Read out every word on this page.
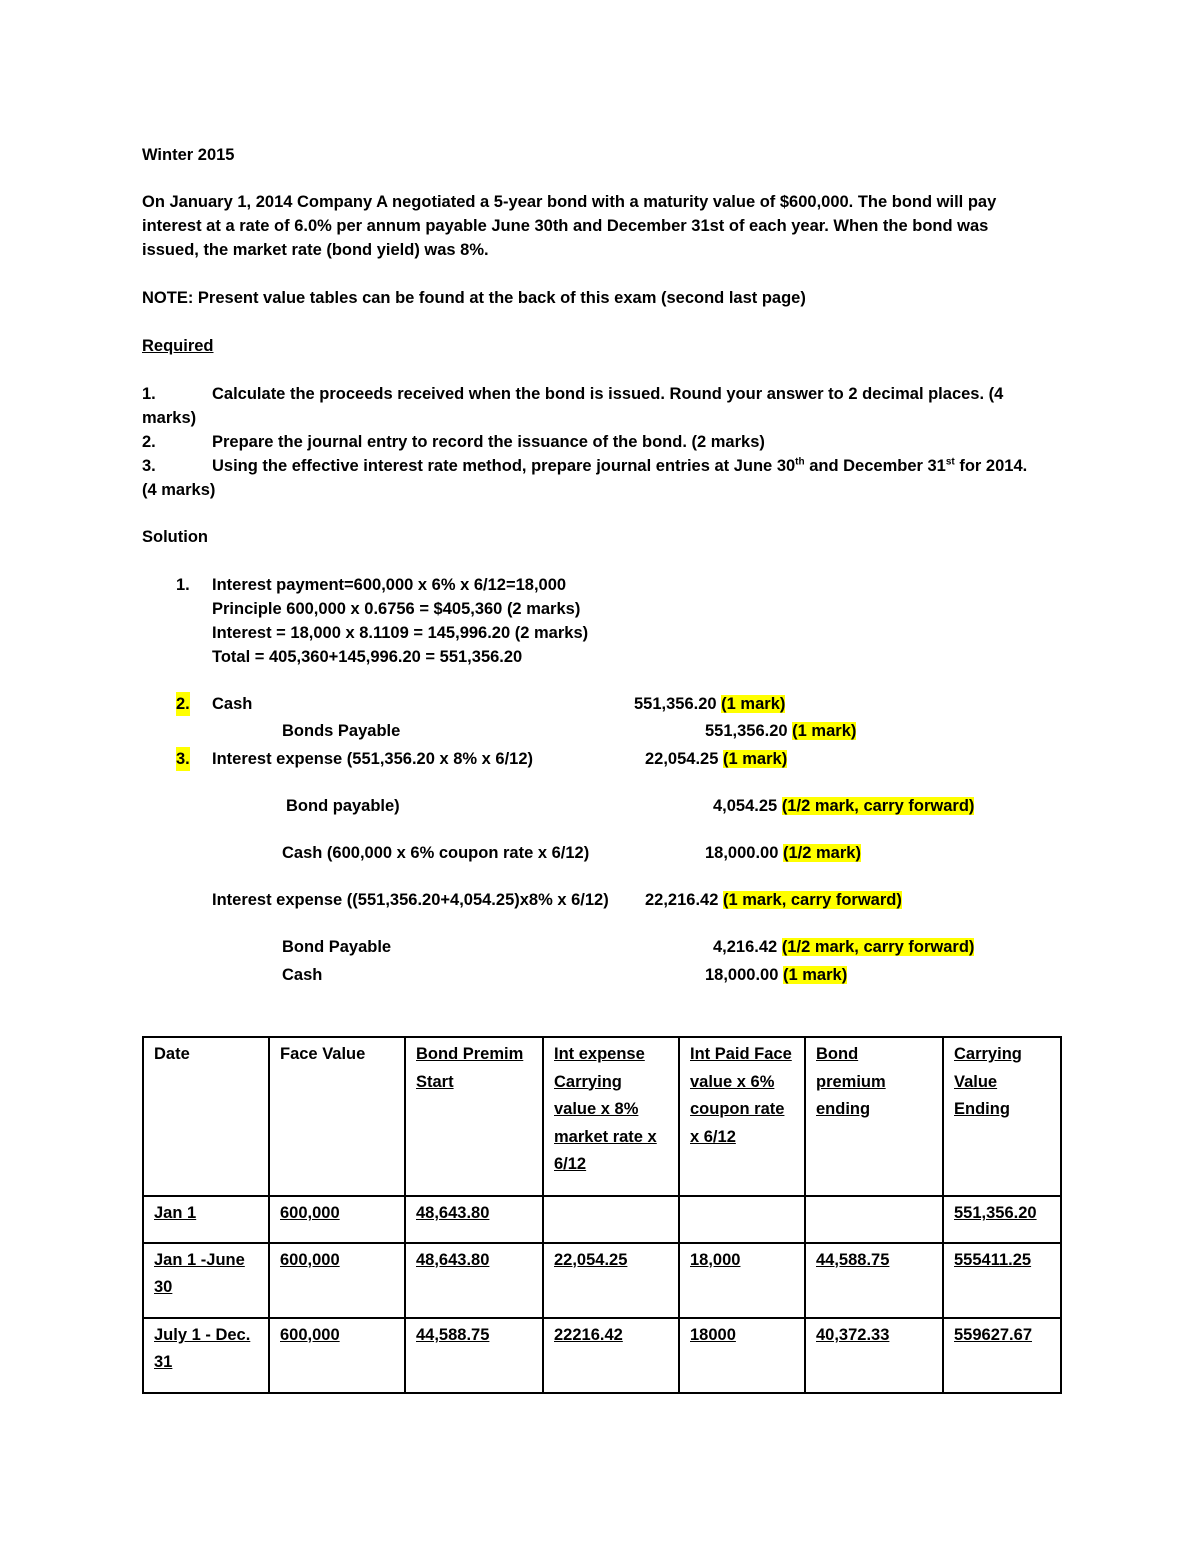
Winter 2015
On January 1, 2014 Company A negotiated a 5-year bond with a maturity value of $600,000. The bond will pay
interest at a rate of 6.0% per annum payable June 30th and December 31st of each year. When the bond was
issued, the market rate (bond yield) was 8%.
NOTE: Present value tables can be found at the back of this exam (second last page)
Required
1.	Calculate the proceeds received when the bond is issued. Round your answer to 2 decimal places. (4
marks)
2.	Prepare the journal entry to record the issuance of the bond. (2 marks)
3.	Using the effective interest rate method, prepare journal entries at June 30th and December 31st for 2014.
(4 marks)
Solution
1. Interest payment=600,000 x 6% x 6/12=18,000
Principle 600,000 x 0.6756 = $405,360 (2 marks)
Interest = 18,000 x 8.1109 = 145,996.20 (2 marks)
Total = 405,360+145,996.20 = 551,356.20
2. Cash	551,356.20 (1 mark)
Bonds Payable	551,356.20 (1 mark)
3. Interest expense (551,356.20 x 8% x 6/12)	22,054.25 (1 mark)
Bond payable)	4,054.25 (1/2 mark, carry forward)
Cash (600,000 x 6% coupon rate x 6/12)	18,000.00 (1/2 mark)
Interest expense ((551,356.20+4,054.25)x8% x 6/12) 22,216.42 (1 mark, carry forward)
Bond Payable	4,216.42 (1/2 mark, carry forward)
Cash	18,000.00 (1 mark)
Date	Face Value	Bond Premim Start	Int expense Carrying value x 8% market rate x 6/12	Int Paid Face value x 6% coupon rate x 6/12	Bond premium ending	Carrying Value Ending
Jan 1	600,000	48,643.80				551,356.20
Jan 1 -June 30	600,000	48,643.80	22,054.25	18,000	44,588.75	555411.25
July 1 - Dec. 31	600,000	44,588.75	22216.42	18000	40,372.33	559627.67
